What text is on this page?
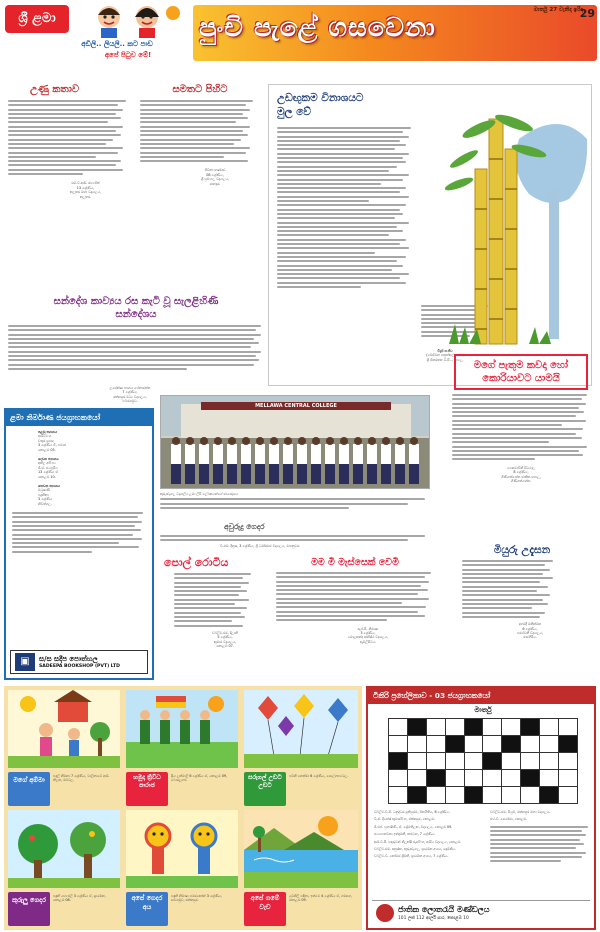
ශ්‍රී ළමා
අඩිලි.. ලියලි.. කට පාඩ
අපේ පිටුව මේ!
පුංචි පැළේ ගසවෙනා
මාර්තු 27 වැනිදා ඉරිදා
29
උණු කතාව
එම්.ඩී.ආර්. රසාංජිත්
13 ශ්‍රේණිය,
කලුතර මහා විද්‍යාලය,
කලුතර.
සමතට පිහිට
ජීවිකා හර්ෂණ
08 ශ්‍රේණිය,
ශ්‍රී සුමංගල විද්‍යාලය,
පානදුර.
උඩඟුකම විනාශයට මුල වේ
විදුර් සංජීව
(සම්ජීවන සනුන්කල් සාමා)
ශ්‍රී ජිනරතන වී.පී.., පාසල.
සන්දේශ කාව්‍යය රස කැටි වූ සැලළිහිණි සන්දේශය
උපේක්ෂා භාග්‍යා සේනාරත්න
7 ශ්‍රේණිය,
රත්නපුර මධ්‍ය විද්‍යාලය,
සබරගමුව.
ළමා නිර්මාණ ජයග්‍රාහකයෝ
පළමු ත්‍යාගය
ආරියවංශ
චතුර ප්‍රසාද
3 ශ්‍රේණිය ජී, සමාජ
කොළඹ 05.
දෙවන ත්‍යාගය
අකිල අසිංසා
ජී.ඒ. ජයසූරිය
13 ශ්‍රේණිය ඒ
කොළඹ 10.
තෙවන ත්‍යාගය
මධුෂාණි
සදුනිකා
3 ශ්‍රේණිය
නිවිත්ගල.
▣	ස/ස සදීප පොත්හල
SADEEPA BOOKSHOP (PVT) LTD
MELLAWA CENTRAL COLLEGE
කුරුණෑගල විද්‍යාලීය ළමා ලිපි ලේඛකයන්ගේ ඡායාරූපය
අවුරුදු ගෙදර
ඩී.එම්. දිනුෂ, 3 ශ්‍රේණිය, ශ්‍රී ධර්මරාජ විද්‍යාලය, මහනුවර.
මගේ පැතුම කවදා හෝ කොරියාවට යාමයි
සෙනවාසිනී පිට්ඨාල
8 ශ්‍රේණිය,
ගිණිගත්හේන ජාතික පාසල,
ගිණිගත්හේන.
පොල් රොටිය
ඩබ්ලිව්.එම්. දිලානි
5 ශ්‍රේණිය,
කුමාර විද්‍යාලය,
කොළඹ 07.
මම මී මැස්සෙක් වෙමි
ඇස්.පී. නිමාෂා
3 ශ්‍රේණිය,
මොළකන්ද කනිෂ්ඨ විද්‍යාලය,
ඇඹිලිපිටිය.
මියුරු උදැසන
දහම්දී මනික්මන
6 ශ්‍රේණිය,
සරස්වතී විද්‍යාලය,
රාජගිරිය.
මගේ අම්මා	සඳලි නිම්නා 7 ශ්‍රේණිය, වාලිකාවේ ආර්. තිලක, මඩවල.	හමුදා ත්‍රිවිධ පාරාජ
ප්‍රිය ලක්මාලී 6 ශ්‍රේණිය ඒ, කොළඹ 09, බොරලුගස්.	සරුගල් උඩට උඩට
සචිනි නෙත්මා 6 ශ්‍රේණිය, පොල්ගහවෙල.
කුරුලු ගෙදර	සඳුනි යසාංජලී 3 ශ්‍රේණිය ඒ, ප්‍රාථමික, කොළඹ 08.	අපේ ගෙදර අය
සඳුනි නිමාෂා සමරකෝන් 3 ශ්‍රේණිය, නවගමුව, රත්නපුර.	අපේ ගමේ වැව
යුවිනිලි සඳීනා, ඉන්වේ 4 ශ්‍රේණිය ඒ, ගම්පහ, කොළඹ 09.
ටිකිරි ප්‍රහේලිකාව - 03 ජයග්‍රාහකයෝ
මාර්තු
ඩබ්ලිව්.ඩී.ජී. ධනුද්ධර ප්‍රතිසුරම, ජිනයිතිය, 6 ශ්‍රේණිය.
ඩී.ඒ. දිනේෂ් කුමාරසිංහ, රත්නපුර, කොළඹ.
ජී.එස්. සුභාෂිණී, ඒ. ප්‍රේමතිලක, විද්‍යාලය, කොළඹ 09.
ජයසෙනවිතා ඉන්දුමතී, කළුවන, 7 ශ්‍රේණිය.
ආර්.ඩී.පී. සඳරුවන් නිලුක්ෂි රුපසිංහ, ආරිය විද්‍යාලය, කොළඹ.
ඩබ්ලිව්.එම්. අනුෂ්ක, කුරුණෑගල, ප්‍රාථමික අංශය, පදුමිනිය.
ඩබ්ලිව්.ඩී. කෝමර ශ්‍රීමතී, ප්‍රාථමික අංශය, 7 ශ්‍රේණිය.
ඩබ්ලිව්.එම්. පියුමි, රත්නපුර මහා විද්‍යාලය.
එස්.ඩී. පෙරේරා, කොළඹ.
ජාතික ලොතරැයි මණ්ඩලය
101 ලක් 112 ආර්ලි පාර, කොළඹ 10
